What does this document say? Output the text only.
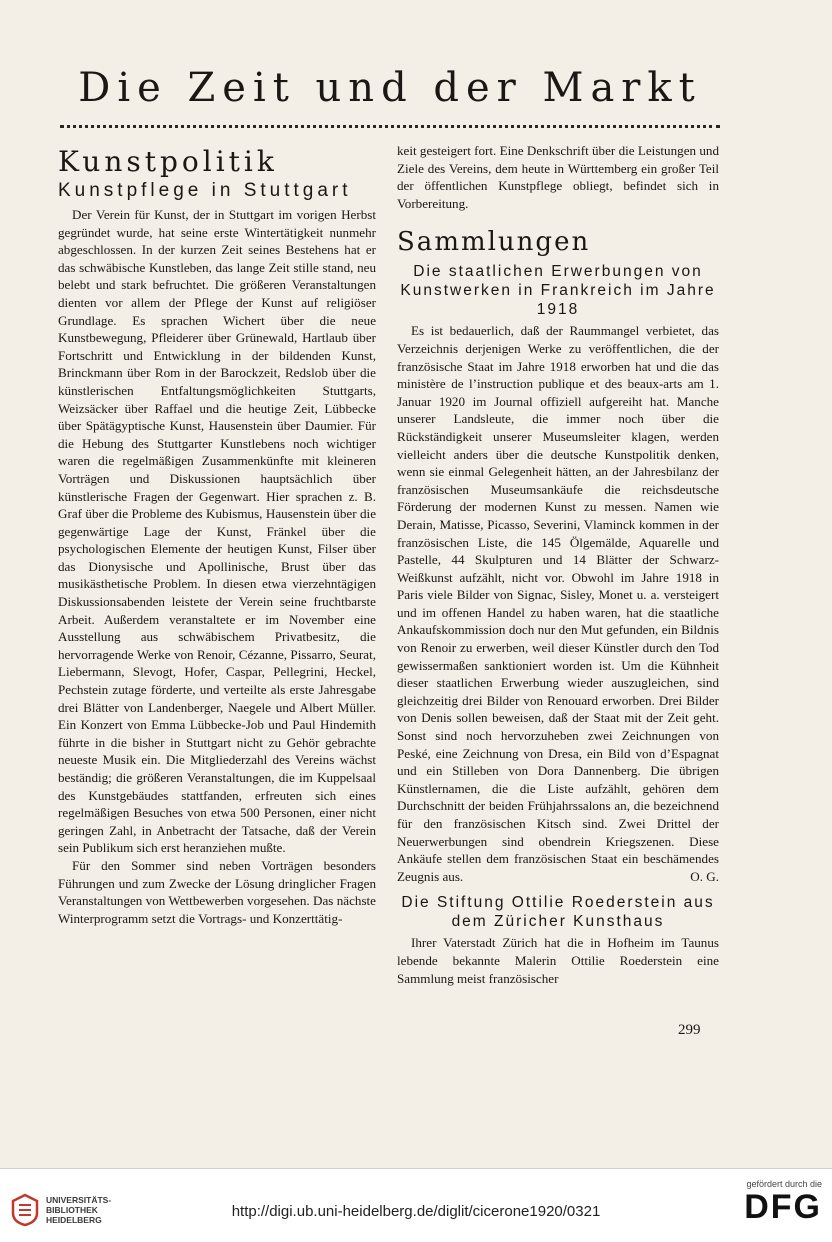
Die Zeit und der Markt
Kunstpolitik
Kunstpflege in Stuttgart

Der Verein für Kunst, der in Stuttgart im vorigen Herbst gegründet wurde, hat seine erste Wintertätigkeit nunmehr abgeschlossen. In der kurzen Zeit seines Bestehens hat er das schwäbische Kunstleben, das lange Zeit stille stand, neu belebt und stark befruchtet. Die größeren Veranstaltungen dienten vor allem der Pflege der Kunst auf religiöser Grundlage. Es sprachen Wichert über die neue Kunstbewegung, Pfleiderer über Grünewald, Hartlaub über Fortschritt und Entwicklung in der bildenden Kunst, Brinckmann über Rom in der Barockzeit, Redslob über die künstlerischen Entfaltungsmöglichkeiten Stuttgarts, Weizsäcker über Raffael und die heutige Zeit, Lübbecke über Spätägyptische Kunst, Hausenstein über Daumier. Für die Hebung des Stuttgarter Kunstlebens noch wichtiger waren die regelmäßigen Zusammenkünfte mit kleineren Vorträgen und Diskussionen hauptsächlich über künstlerische Fragen der Gegenwart. Hier sprachen z. B. Graf über die Probleme des Kubismus, Hausenstein über die gegenwärtige Lage der Kunst, Fränkel über die psychologischen Elemente der heutigen Kunst, Filser über das Dionysische und Apollinische, Brust über das musikästhetische Problem. In diesen etwa vierzehntägigen Diskussionsabenden leistete der Verein seine fruchtbarste Arbeit. Außerdem veranstaltete er im November eine Ausstellung aus schwäbischem Privatbesitz, die hervorragende Werke von Renoir, Cézanne, Pissarro, Seurat, Liebermann, Slevogt, Hofer, Caspar, Pellegrini, Heckel, Pechstein zutage förderte, und verteilte als erste Jahresgabe drei Blätter von Landenberger, Naegele und Albert Müller. Ein Konzert von Emma Lübbecke-Job und Paul Hindemith führte in die bisher in Stuttgart nicht zu Gehör gebrachte neueste Musik ein. Die Mitgliederzahl des Vereins wächst beständig; die größeren Veranstaltungen, die im Kuppelsaal des Kunstgebäudes stattfanden, erfreuten sich eines regelmäßigen Besuches von etwa 500 Personen, einer nicht geringen Zahl, in Anbetracht der Tatsache, daß der Verein sein Publikum sich erst heranziehen mußte.

Für den Sommer sind neben Vorträgen besonders Führungen und zum Zwecke der Lösung dringlicher Fragen Veranstaltungen von Wettbewerben vorgesehen. Das nächste Winterprogramm setzt die Vortrags- und Konzerttätig-

keit gesteigert fort. Eine Denkschrift über die Leistungen und Ziele des Vereins, dem heute in Württemberg ein großer Teil der öffentlichen Kunstpflege obliegt, befindet sich in Vorbereitung.

Sammlungen
Die staatlichen Erwerbungen von Kunstwerken in Frankreich im Jahre 1918

Es ist bedauerlich, daß der Raummangel verbietet, das Verzeichnis derjenigen Werke zu veröffentlichen, die der französische Staat im Jahre 1918 erworben hat und die das ministère de l’instruction publique et des beaux-arts am 1. Januar 1920 im Journal offiziell aufgereiht hat. Manche unserer Landsleute, die immer noch über die Rückständigkeit unserer Museumsleiter klagen, werden vielleicht anders über die deutsche Kunstpolitik denken, wenn sie einmal Gelegenheit hätten, an der Jahresbilanz der französischen Museumsankäufe die reichsdeutsche Förderung der modernen Kunst zu messen. Namen wie Derain, Matisse, Picasso, Severini, Vlaminck kommen in der französischen Liste, die 145 Ölgemälde, Aquarelle und Pastelle, 44 Skulpturen und 14 Blätter der Schwarz-Weißkunst aufzählt, nicht vor. Obwohl im Jahre 1918 in Paris viele Bilder von Signac, Sisley, Monet u. a. versteigert und im offenen Handel zu haben waren, hat die staatliche Ankaufskommission doch nur den Mut gefunden, ein Bildnis von Renoir zu erwerben, weil dieser Künstler durch den Tod gewissermaßen sanktioniert worden ist. Um die Kühnheit dieser staatlichen Erwerbung wieder auszugleichen, sind gleichzeitig drei Bilder von Renouard erworben. Drei Bilder von Denis sollen beweisen, daß der Staat mit der Zeit geht. Sonst sind noch hervorzuheben zwei Zeichnungen von Peské, eine Zeichnung von Dresa, ein Bild von d’Espagnat und ein Stilleben von Dora Dannenberg. Die übrigen Künstlernamen, die die Liste aufzählt, gehören dem Durchschnitt der beiden Frühjahrssalons an, die bezeichnend für den französischen Kitsch sind. Zwei Drittel der Neuerwerbungen sind obendrein Kriegszenen. Diese Ankäufe stellen dem französischen Staat ein beschämendes Zeugnis aus.	O. G.

Die Stiftung Ottilie Roederstein aus dem Züricher Kunsthaus

Ihrer Vaterstadt Zürich hat die in Hofheim im Taunus lebende bekannte Malerin Ottilie Roederstein eine Sammlung meist französischer

299
UNIVERSITÄTS-
BIBLIOTHEK
HEIDELBERG	http://digi.ub.uni-heidelberg.de/diglit/cicerone1920/0321
gefördert durch die
DFG
